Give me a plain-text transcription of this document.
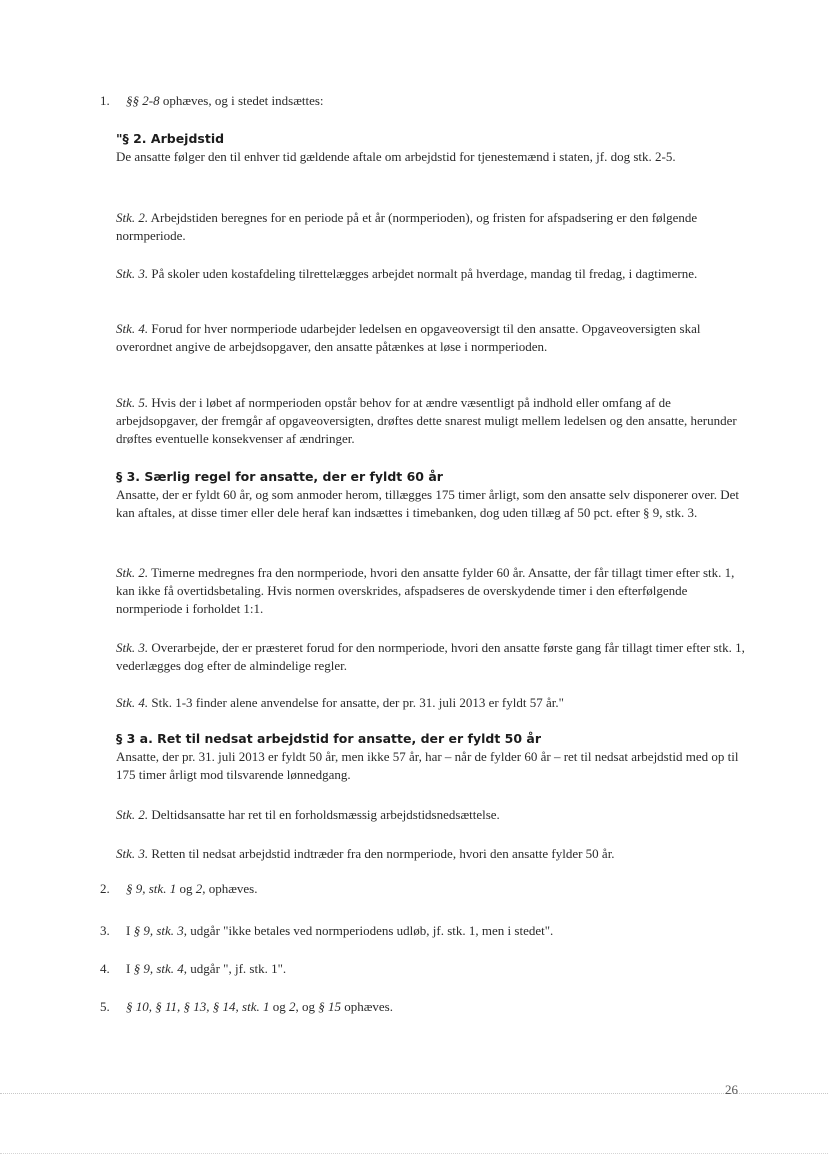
1. §§ 2-8 ophæves, og i stedet indsættes:

"§ 2. Arbejdstid

De ansatte følger den til enhver tid gældende aftale om arbejdstid for tjenestemænd i staten, jf. dog stk. 2-5.

Stk. 2. Arbejdstiden beregnes for en periode på et år (normperioden), og fristen for afspadsering er den følgende normperiode.

Stk. 3. På skoler uden kostafdeling tilrettelægges arbejdet normalt på hverdage, mandag til fredag, i dagtimerne.

Stk. 4. Forud for hver normperiode udarbejder ledelsen en opgaveoversigt til den ansatte. Opgaveoversigten skal overordnet angive de arbejdsopgaver, den ansatte påtænkes at løse i normperioden.

Stk. 5. Hvis der i løbet af normperioden opstår behov for at ændre væsentligt på indhold eller omfang af de arbejdsopgaver, der fremgår af opgaveoversigten, drøftes dette snarest muligt mellem ledelsen og den ansatte, herunder drøftes eventuelle konsekvenser af ændringer.

§ 3. Særlig regel for ansatte, der er fyldt 60 år

Ansatte, der er fyldt 60 år, og som anmoder herom, tillægges 175 timer årligt, som den ansatte selv disponerer over. Det kan aftales, at disse timer eller dele heraf kan indsættes i timebanken, dog uden tillæg af 50 pct. efter § 9, stk. 3.

Stk. 2. Timerne medregnes fra den normperiode, hvori den ansatte fylder 60 år. Ansatte, der får tillagt timer efter stk. 1, kan ikke få overtidsbetaling. Hvis normen overskrides, afspadseres de overskydende timer i den efterfølgende normperiode i forholdet 1:1.

Stk. 3. Overarbejde, der er præsteret forud for den normperiode, hvori den ansatte første gang får tillagt timer efter stk. 1, vederlægges dog efter de almindelige regler.

Stk. 4. Stk. 1-3 finder alene anvendelse for ansatte, der pr. 31. juli 2013 er fyldt 57 år."

§ 3 a. Ret til nedsat arbejdstid for ansatte, der er fyldt 50 år

Ansatte, der pr. 31. juli 2013 er fyldt 50 år, men ikke 57 år, har – når de fylder 60 år – ret til nedsat arbejdstid med op til 175 timer årligt mod tilsvarende lønnedgang.

Stk. 2. Deltidsansatte har ret til en forholdsmæssig arbejdstidsnedsættelse.

Stk. 3. Retten til nedsat arbejdstid indtræder fra den normperiode, hvori den ansatte fylder 50 år.

2. § 9, stk. 1 og 2, ophæves.
3. I § 9, stk. 3, udgår "ikke betales ved normperiodens udløb, jf. stk. 1, men i stedet".
4. I § 9, stk. 4, udgår ", jf. stk. 1".
5. § 10, § 11, § 13, § 14, stk. 1 og 2, og § 15 ophæves.
26
